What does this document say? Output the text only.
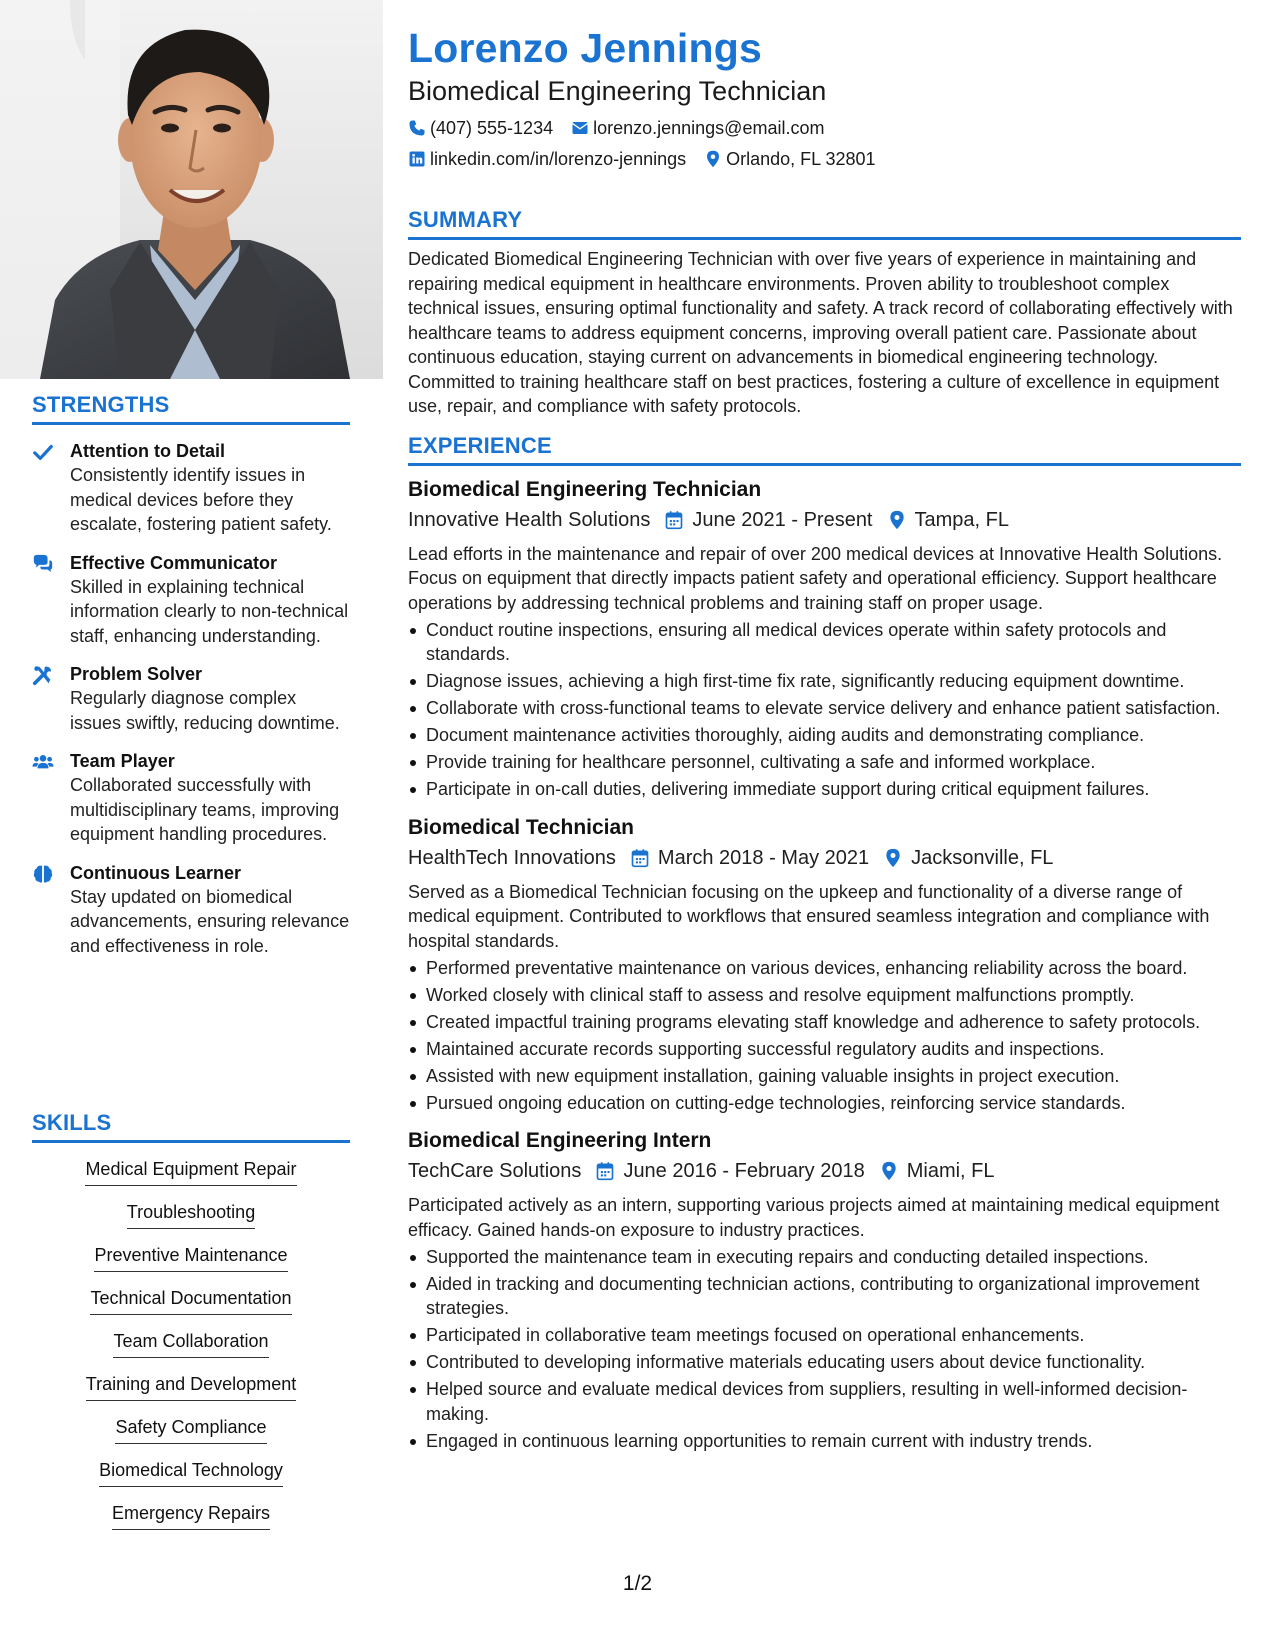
STRENGTHS
Attention to Detail
Consistently identify issues in medical devices before they escalate, fostering patient safety.
Effective Communicator
Skilled in explaining technical information clearly to non-technical staff, enhancing understanding.
Problem Solver
Regularly diagnose complex issues swiftly, reducing downtime.
Team Player
Collaborated successfully with multidisciplinary teams, improving equipment handling procedures.
Continuous Learner
Stay updated on biomedical advancements, ensuring relevance and effectiveness in role.
SKILLS
Medical Equipment Repair
Troubleshooting
Preventive Maintenance
Technical Documentation
Team Collaboration
Training and Development
Safety Compliance
Biomedical Technology
Emergency Repairs
Lorenzo Jennings
Biomedical Engineering Technician
(407) 555-1234 lorenzo.jennings@email.com
linkedin.com/in/lorenzo-jennings Orlando, FL 32801
SUMMARY
Dedicated Biomedical Engineering Technician with over five years of experience in maintaining and repairing medical equipment in healthcare environments. Proven ability to troubleshoot complex technical issues, ensuring optimal functionality and safety. A track record of collaborating effectively with healthcare teams to address equipment concerns, improving overall patient care. Passionate about continuous education, staying current on advancements in biomedical engineering technology. Committed to training healthcare staff on best practices, fostering a culture of excellence in equipment use, repair, and compliance with safety protocols.
EXPERIENCE
Biomedical Engineering Technician
Innovative Health Solutions June 2021 - Present Tampa, FL
Lead efforts in the maintenance and repair of over 200 medical devices at Innovative Health Solutions. Focus on equipment that directly impacts patient safety and operational efficiency. Support healthcare operations by addressing technical problems and training staff on proper usage.
Conduct routine inspections, ensuring all medical devices operate within safety protocols and standards.
Diagnose issues, achieving a high first-time fix rate, significantly reducing equipment downtime.
Collaborate with cross-functional teams to elevate service delivery and enhance patient satisfaction.
Document maintenance activities thoroughly, aiding audits and demonstrating compliance.
Provide training for healthcare personnel, cultivating a safe and informed workplace.
Participate in on-call duties, delivering immediate support during critical equipment failures.
Biomedical Technician
HealthTech Innovations March 2018 - May 2021 Jacksonville, FL
Served as a Biomedical Technician focusing on the upkeep and functionality of a diverse range of medical equipment. Contributed to workflows that ensured seamless integration and compliance with hospital standards.
Performed preventative maintenance on various devices, enhancing reliability across the board.
Worked closely with clinical staff to assess and resolve equipment malfunctions promptly.
Created impactful training programs elevating staff knowledge and adherence to safety protocols.
Maintained accurate records supporting successful regulatory audits and inspections.
Assisted with new equipment installation, gaining valuable insights in project execution.
Pursued ongoing education on cutting-edge technologies, reinforcing service standards.
Biomedical Engineering Intern
TechCare Solutions June 2016 - February 2018 Miami, FL
Participated actively as an intern, supporting various projects aimed at maintaining medical equipment efficacy. Gained hands-on exposure to industry practices.
Supported the maintenance team in executing repairs and conducting detailed inspections.
Aided in tracking and documenting technician actions, contributing to organizational improvement strategies.
Participated in collaborative team meetings focused on operational enhancements.
Contributed to developing informative materials educating users about device functionality.
Helped source and evaluate medical devices from suppliers, resulting in well-informed decision-making.
Engaged in continuous learning opportunities to remain current with industry trends.
1/2
